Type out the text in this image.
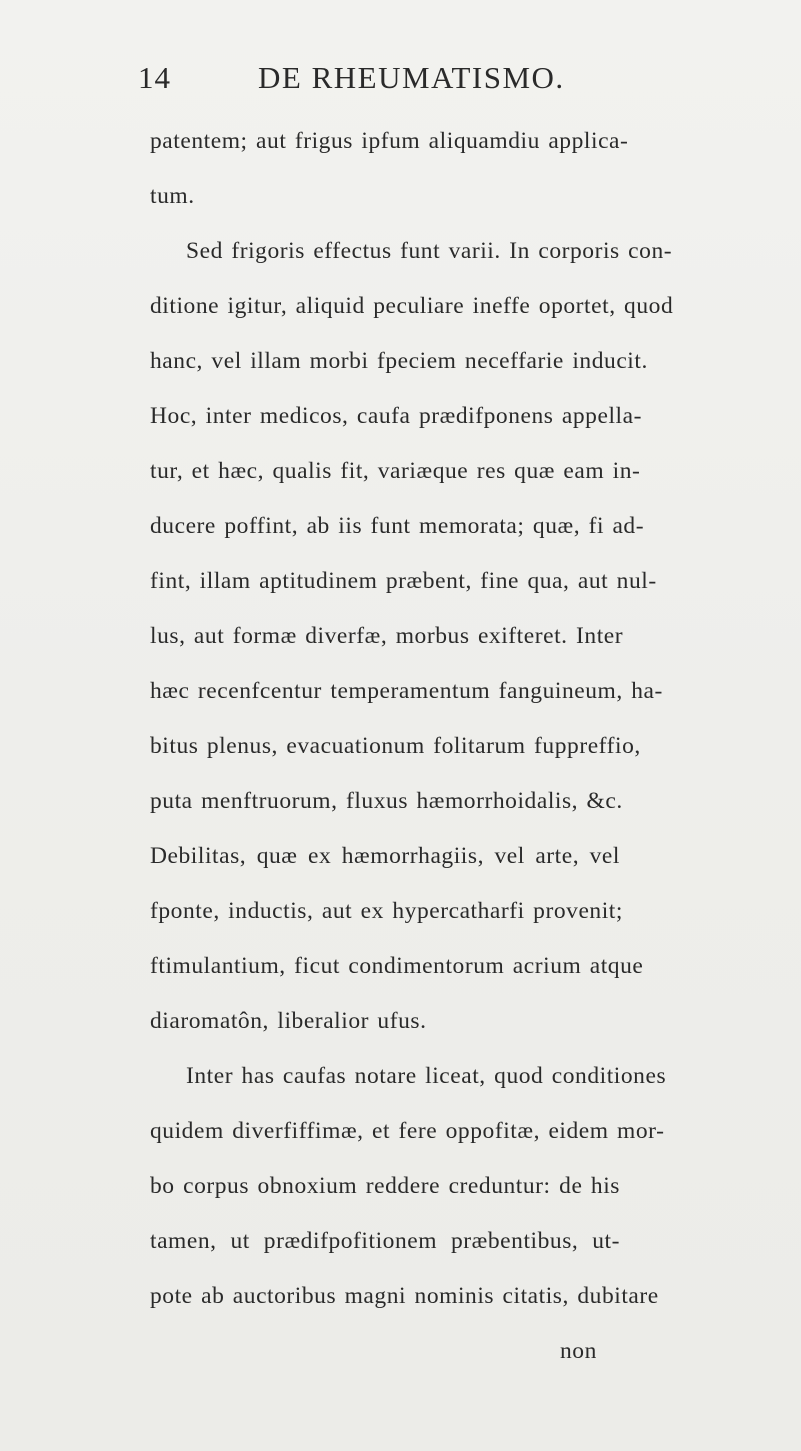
14	DE RHEUMATISMO.
patentem; aut frigus ipfum aliquamdiu applica-
tum.
Sed frigoris effectus funt varii. In corporis con-
ditione igitur, aliquid peculiare ineffe oportet, quod
hanc, vel illam morbi fpeciem neceffarie inducit.
Hoc, inter medicos, caufa prædifponens appella-
tur, et hæc, qualis fit, variæque res quæ eam in-
ducere poffint, ab iis funt memorata; quæ, fi ad-
fint, illam aptitudinem præbent, fine qua, aut nul-
lus, aut formæ diverfæ, morbus exifteret. Inter
hæc recenfcentur temperamentum fanguineum, ha-
bitus plenus, evacuationum folitarum fuppreffio,
puta menftruorum, fluxus hæmorrhoidalis, &c.
Debilitas, quæ ex hæmorrhagiis, vel arte, vel
fponte, inductis, aut ex hypercatharfi provenit;
ftimulantium, ficut condimentorum acrium atque
diaromatôn, liberalior ufus.
Inter has caufas notare liceat, quod conditiones
quidem diverfiffimæ, et fere oppofitæ, eidem mor-
bo corpus obnoxium reddere creduntur: de his
tamen, ut prædifpofitionem præbentibus, ut-
pote ab auctoribus magni nominis citatis, dubitare
non
